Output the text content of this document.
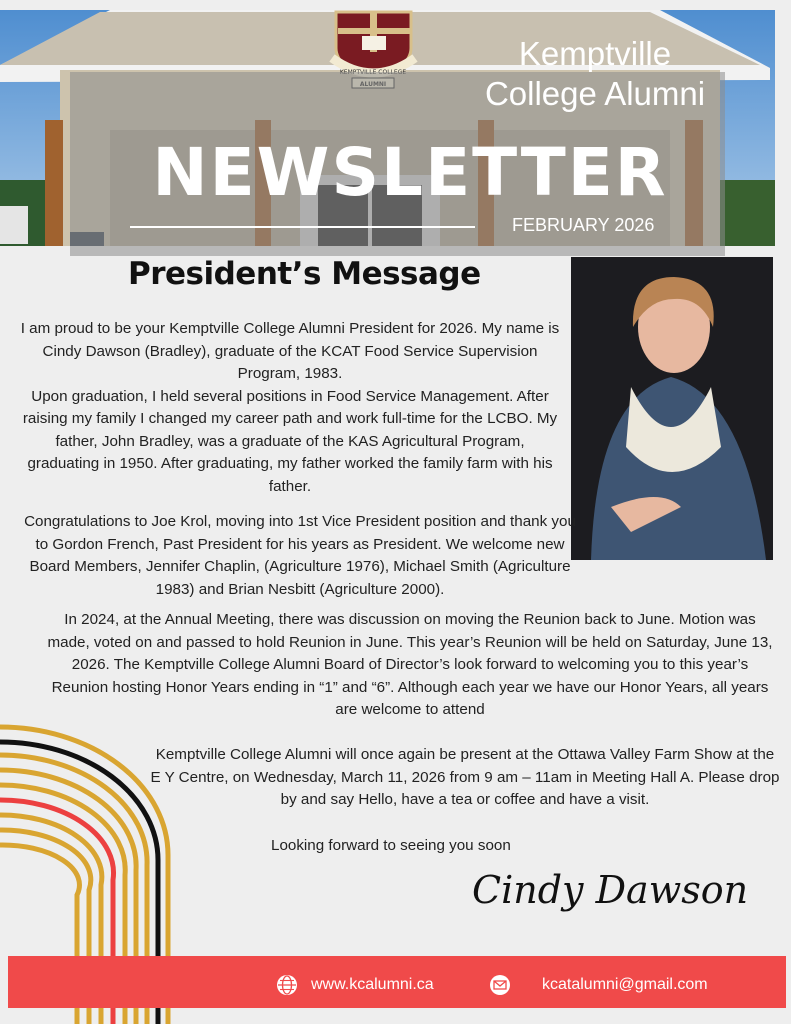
Kemptville
College Alumni
NEWSLETTER
FEBRUARY 2026
President’s Message
I am proud to be your Kemptville College Alumni President for 2026. My name is Cindy Dawson (Bradley), graduate of the KCAT Food Service Supervision Program, 1983.
Upon graduation, I held several positions in Food Service Management. After raising my family I changed my career path and work full-time for the LCBO. My father, John Bradley, was a graduate of the KAS Agricultural Program, graduating in 1950. After graduating, my father worked the family farm with his father.
Congratulations to Joe Krol, moving into 1st Vice President position and thank you to Gordon French, Past President for his years as President. We welcome new Board Members, Jennifer Chaplin, (Agriculture 1976), Michael Smith (Agriculture 1983) and Brian Nesbitt (Agriculture 2000).
In 2024, at the Annual Meeting, there was discussion on moving the Reunion back to June. Motion was made, voted on and passed to hold Reunion in June. This year’s Reunion will be held on Saturday, June 13, 2026. The Kemptville College Alumni Board of Director’s look forward to welcoming you to this year’s Reunion hosting Honor Years ending in “1” and “6”. Although each year we have our Honor Years, all years are welcome to attend
Kemptville College Alumni will once again be present at the Ottawa Valley Farm Show at the E Y Centre, on Wednesday, March 11, 2026 from 9 am – 11am in Meeting Hall A. Please drop by and say Hello, have a tea or coffee and have a visit.
Looking forward to seeing you soon
Cindy Dawson
www.kcalumni.ca	kcatalumni@gmail.com
